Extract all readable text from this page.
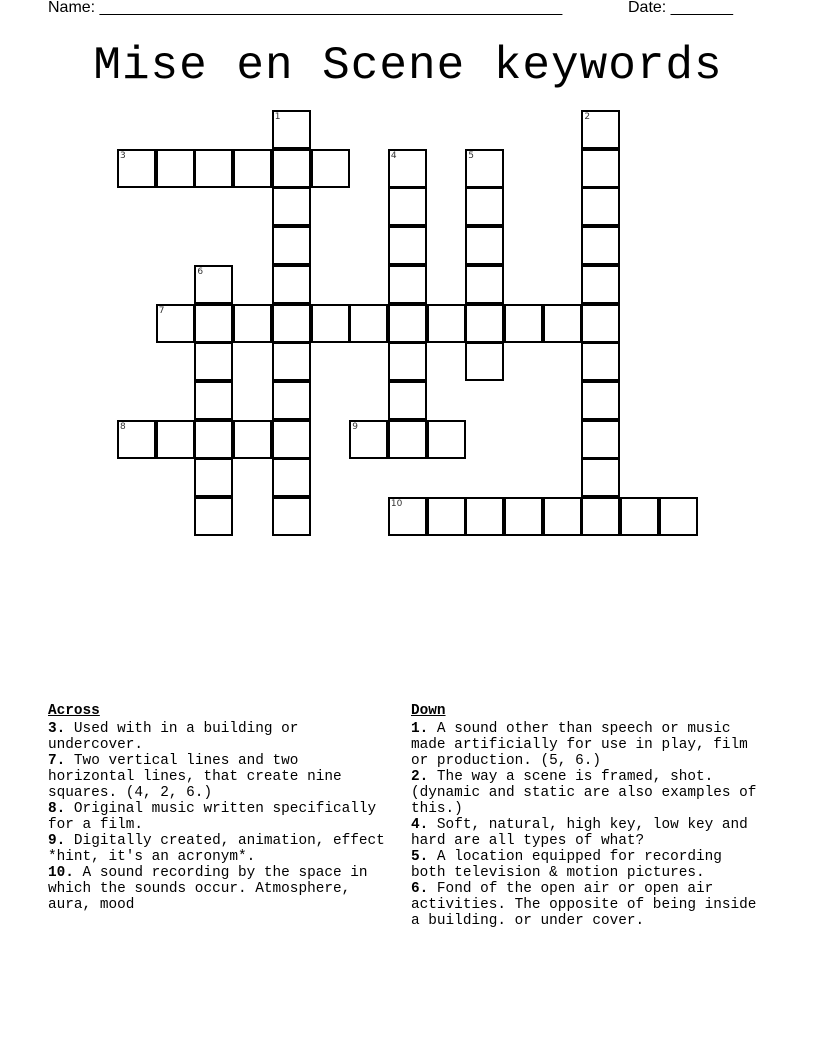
Name: ____________________________________________________	Date: _______
Mise en Scene keywords
1	2
3	4	5
6
7
8	9
10
Across
3. Used with in a building or undercover.
7. Two vertical lines and two horizontal lines, that create nine squares. (4, 2, 6.)
8. Original music written specifically for a film.
9. Digitally created, animation, effect *hint, it's an acronym*.
10. A sound recording by the space in which the sounds occur. Atmosphere, aura, mood
Down
1. A sound other than speech or music made artificially for use in play, film or production. (5, 6.)
2. The way a scene is framed, shot. (dynamic and static are also examples of this.)
4. Soft, natural, high key, low key and hard are all types of what?
5. A location equipped for recording both television & motion pictures.
6. Fond of the open air or open air activities. The opposite of being inside a building. or under cover.
